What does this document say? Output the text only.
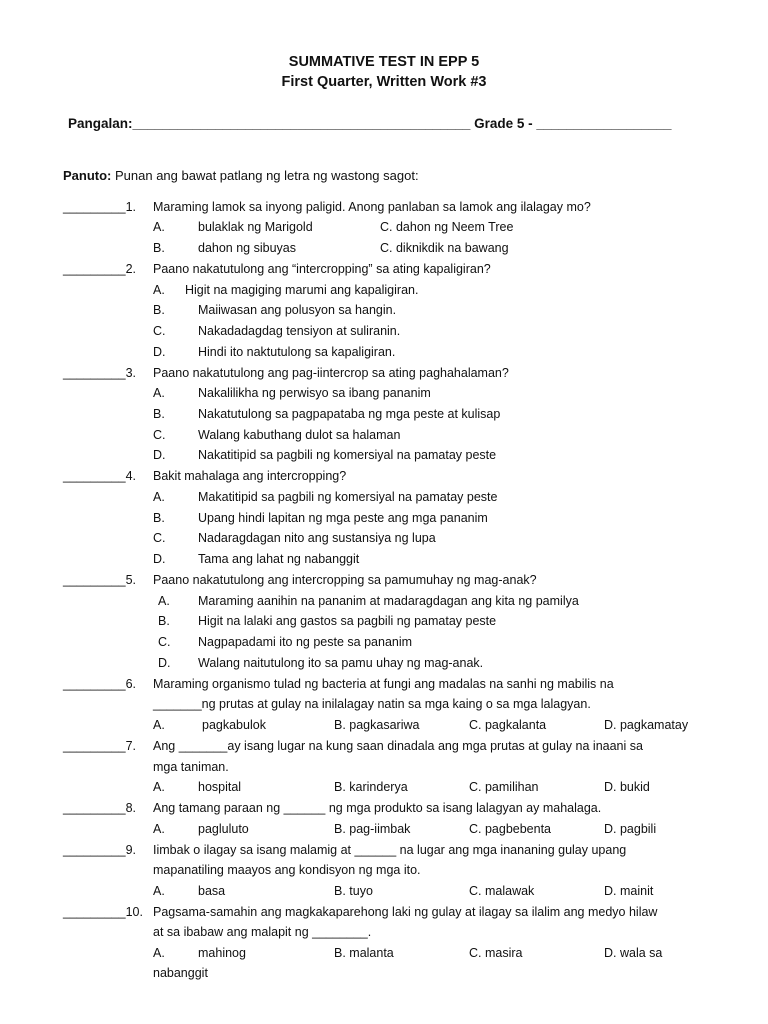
SUMMATIVE TEST IN EPP 5
First Quarter, Written Work #3
Pangalan:_____________________________________________ Grade 5 - __________________
Panuto: Punan ang bawat patlang ng letra ng wastong sagot:
_________1. Maraming lamok sa inyong paligid. Anong panlaban sa lamok ang ilalagay mo?
A.	bulaklak ng Marigold	C. dahon ng Neem Tree
B.	dahon ng sibuyas	C. diknikdik na bawang
_________2. Paano nakatutulong ang “intercropping” sa ating kapaligiran?
A. Higit na magiging marumi ang kapaligiran.
B.	Maiiwasan ang polusyon sa hangin.
C.	Nakadadagdag tensiyon at suliranin.
D.	Hindi ito naktutulong sa kapaligiran.
_________3. Paano nakatutulong ang pag-iintercrop sa ating paghahalaman?
A.	Nakalilikha ng perwisyo sa ibang pananim
B.	Nakatutulong sa pagpapataba ng mga peste at kulisap
C.	Walang kabuthang dulot sa halaman
D.	Nakatitipid sa pagbili ng komersiyal na pamatay peste
_________4. Bakit mahalaga ang intercropping?
A.	Makatitipid sa pagbili ng komersiyal na pamatay peste
B.	Upang hindi lapitan ng mga peste ang mga pananim
C.	Nadaragdagan nito ang sustansiya ng lupa
D.	Tama ang lahat ng nabanggit
_________5. Paano nakatutulong ang intercropping sa pamumuhay ng mag-anak?
A. Maraming aanihin na pananim at madaragdagan ang kita ng pamilya
B. Higit na lalaki ang gastos sa pagbili ng pamatay peste
C. Nagpapadami ito ng peste sa pananim
D. Walang naitutulong ito sa pamu uhay ng mag-anak.
_________6. Maraming organismo tulad ng bacteria at fungi ang madalas na sanhi ng mabilis na
_______ng prutas at gulay na inilalagay natin sa mga kaing o sa mga lalagyan.
A.	pagkabulok	B. pagkasariwa	C. pagkalanta	D. pagkamatay
_________7. Ang _______ay isang lugar na kung saan dinadala ang mga prutas at gulay na inaani sa
mga taniman.
A.	hospital	B. karinderya	C. pamilihan	D. bukid
_________8. Ang tamang paraan ng ______ ng mga produkto sa isang lalagyan ay mahalaga.
A.	pagluluto	B. pag-iimbak	C. pagbebenta	D. pagbili
_________9. Iimbak o ilagay sa isang malamig at ______ na lugar ang mga inananing gulay upang
mapanatiling maayos ang kondisyon ng mga ito.
A.	basa	B. tuyo	C. malawak	D. mainit
_________10. Pagsama-samahin ang magkakaparehong laki ng gulay at ilagay sa ilalim ang medyo hilaw
at sa ibabaw ang malapit ng ________.
A.	mahinog	B. malanta	C. masira	D. wala sa
nabanggit
